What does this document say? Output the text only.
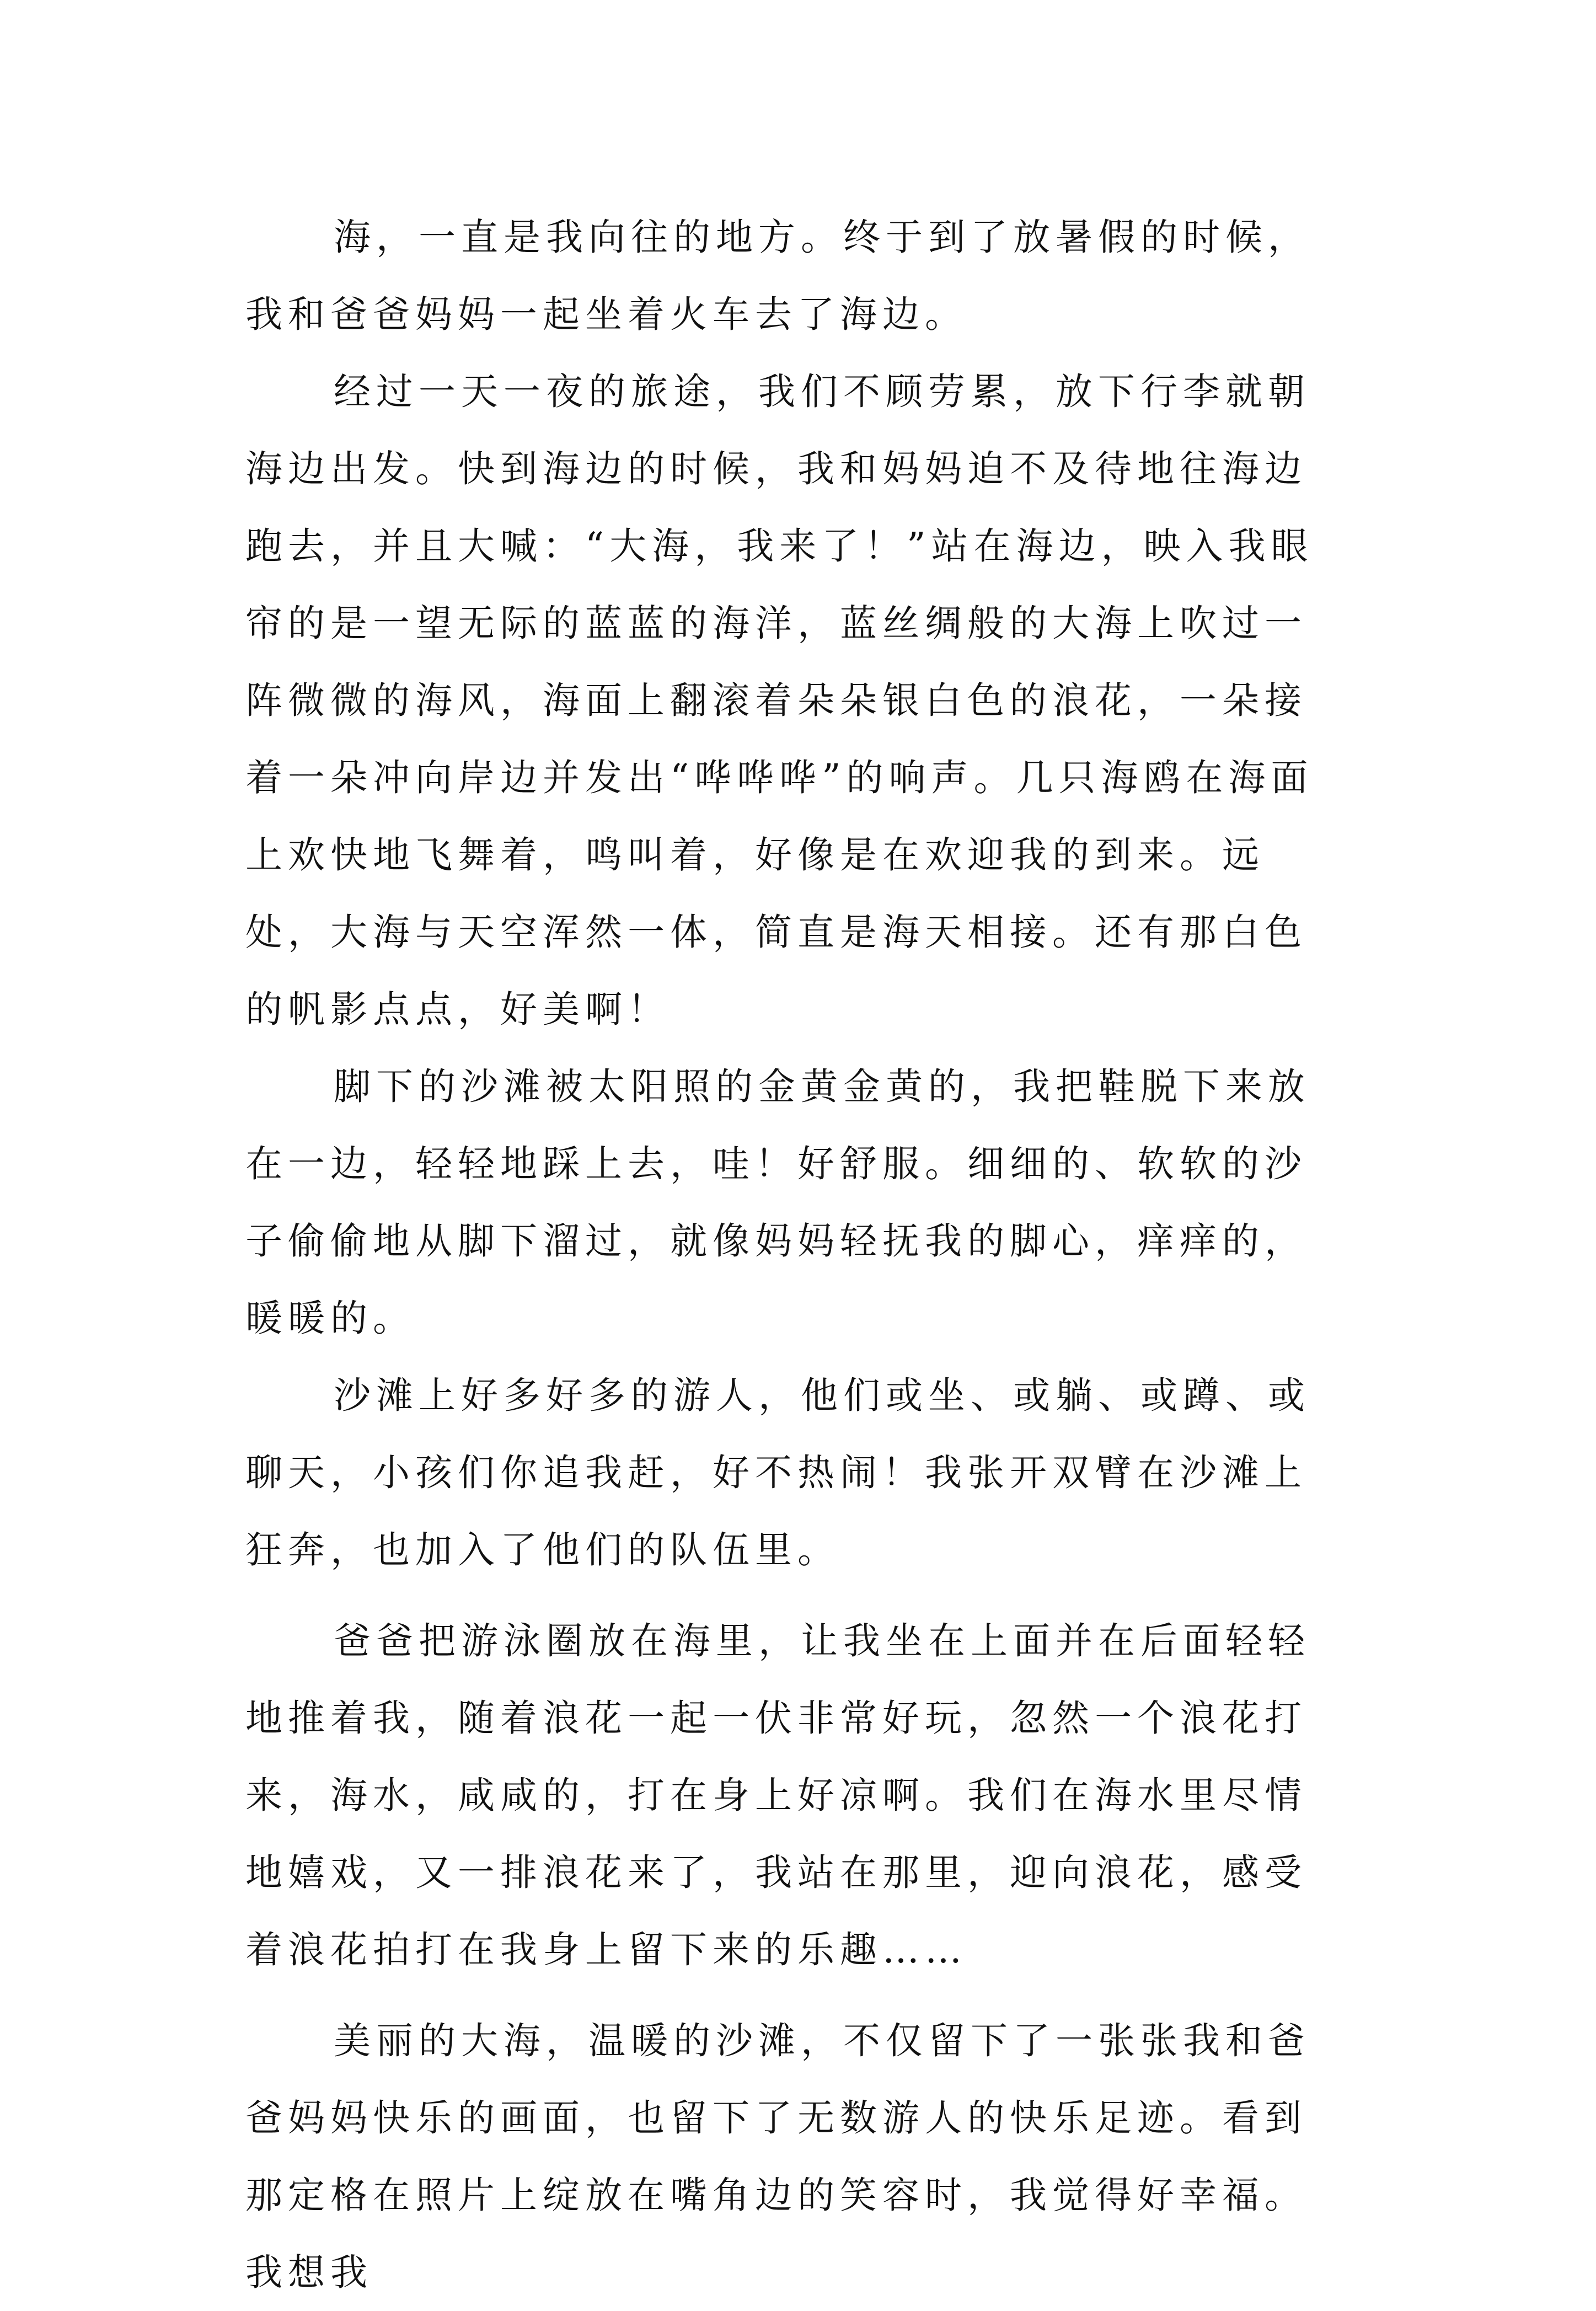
海，一直是我向往的地方。终于到了放暑假的时候，我和爸爸妈妈一起坐着火车去了海边。

经过一天一夜的旅途，我们不顾劳累，放下行李就朝海边出发。快到海边的时候，我和妈妈迫不及待地往海边跑去，并且大喊：“大海，我来了！”站在海边，映入我眼帘的是一望无际的蓝蓝的海洋，蓝丝绸般的大海上吹过一阵微微的海风，海面上翻滚着朵朵银白色的浪花，一朵接着一朵冲向岸边并发出“哗哗哗”的响声。几只海鸥在海面上欢快地飞舞着，鸣叫着，好像是在欢迎我的到来。远处，大海与天空浑然一体，简直是海天相接。还有那白色的帆影点点，好美啊！

脚下的沙滩被太阳照的金黄金黄的，我把鞋脱下来放在一边，轻轻地踩上去，哇！好舒服。细细的、软软的沙子偷偷地从脚下溜过，就像妈妈轻抚我的脚心，痒痒的，暖暖的。

沙滩上好多好多的游人，他们或坐、或躺、或蹲、或聊天，小孩们你追我赶，好不热闹！我张开双臂在沙滩上狂奔，也加入了他们的队伍里。

爸爸把游泳圈放在海里，让我坐在上面并在后面轻轻地推着我，随着浪花一起一伏非常好玩，忽然一个浪花打来，海水，咸咸的，打在身上好凉啊。我们在海水里尽情地嬉戏，又一排浪花来了，我站在那里，迎向浪花，感受着浪花拍打在我身上留下来的乐趣……

美丽的大海，温暖的沙滩，不仅留下了一张张我和爸爸妈妈快乐的画面，也留下了无数游人的快乐足迹。看到那定格在照片上绽放在嘴角边的笑容时，我觉得好幸福。我想我
